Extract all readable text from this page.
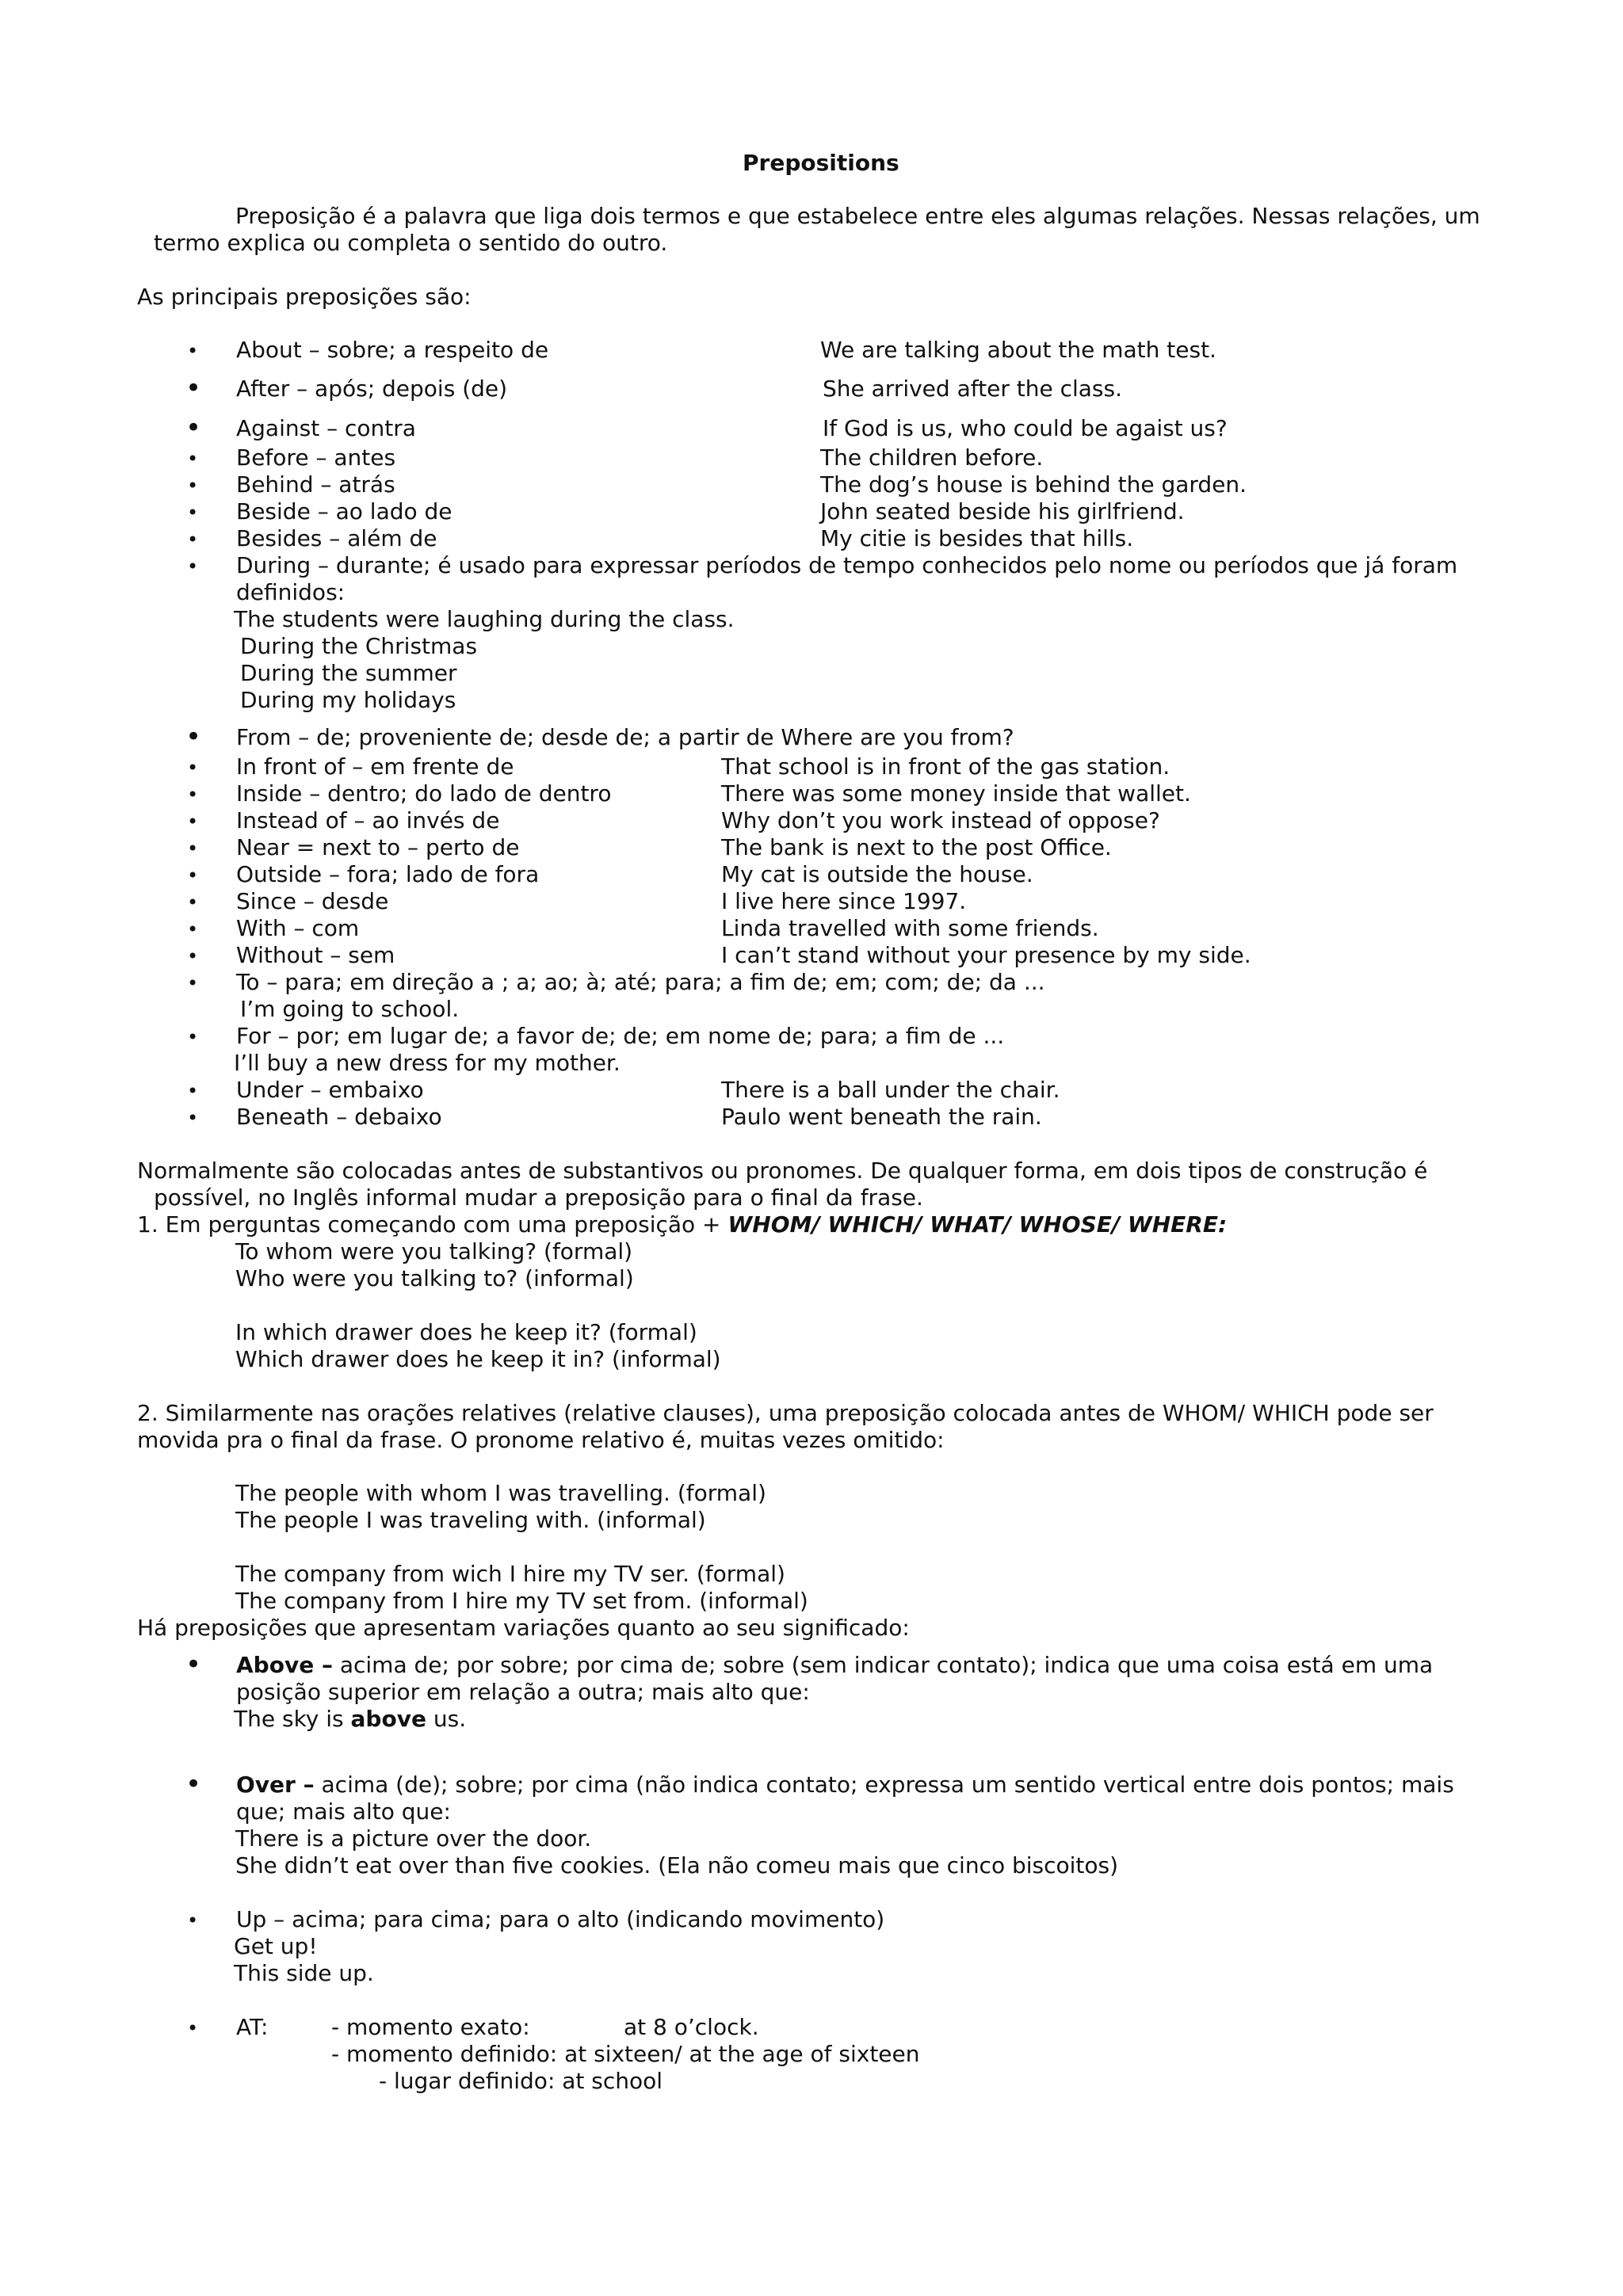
Prepositions
Preposição é a palavra que liga dois termos e que estabelece entre eles algumas relações. Nessas relações, um
termo explica ou completa o sentido do outro.
As principais preposições são:
• About – sobre; a respeito de	We are talking about the math test.
• After – após; depois (de)	She arrived after the class.
• Against – contra	If God is us, who could be agaist us?
• Before – antes	The children before.
• Behind – atrás	The dog’s house is behind the garden.
• Beside – ao lado de	John seated beside his girlfriend.
• Besides – além de	My citie is besides that hills.
• During – durante; é usado para expressar períodos de tempo conhecidos pelo nome ou períodos que já foram
definidos:
The students were laughing during the class.
During the Christmas
During the summer
During my holidays
• From – de; proveniente de; desde de; a partir de Where are you from?
• In front of – em frente de	That school is in front of the gas station.
• Inside – dentro; do lado de dentro	There was some money inside that wallet.
• Instead of – ao invés de	Why don’t you work instead of oppose?
• Near = next to – perto de	The bank is next to the post Office.
• Outside – fora; lado de fora	My cat is outside the house.
• Since – desde	I live here since 1997.
• With – com	Linda travelled with some friends.
• Without – sem	I can’t stand without your presence by my side.
• To – para; em direção a ; a; ao; à; até; para; a fim de; em; com; de; da ...
I’m going to school.
• For – por; em lugar de; a favor de; de; em nome de; para; a fim de ...
I’ll buy a new dress for my mother.
• Under – embaixo	There is a ball under the chair.
• Beneath – debaixo	Paulo went beneath the rain.
Normalmente são colocadas antes de substantivos ou pronomes. De qualquer forma, em dois tipos de construção é
possível, no Inglês informal mudar a preposição para o final da frase.
1. Em perguntas começando com uma preposição + WHOM/ WHICH/ WHAT/ WHOSE/ WHERE:
To whom were you talking? (formal)
Who were you talking to? (informal)
In which drawer does he keep it? (formal)
Which drawer does he keep it in? (informal)
2. Similarmente nas orações relatives (relative clauses), uma preposição colocada antes de WHOM/ WHICH pode ser
movida pra o final da frase. O pronome relativo é, muitas vezes omitido:
The people with whom I was travelling. (formal)
The people I was traveling with. (informal)
The company from wich I hire my TV ser. (formal)
The company from I hire my TV set from. (informal)
Há preposições que apresentam variações quanto ao seu significado:
• Above – acima de; por sobre; por cima de; sobre (sem indicar contato); indica que uma coisa está em uma
posição superior em relação a outra; mais alto que:
The sky is above us.
• Over – acima (de); sobre; por cima (não indica contato; expressa um sentido vertical entre dois pontos; mais
que; mais alto que:
There is a picture over the door.
She didn’t eat over than five cookies. (Ela não comeu mais que cinco biscoitos)
• Up – acima; para cima; para o alto (indicando movimento)
Get up!
This side up.
• AT:	- momento exato:	at 8 o’clock.
- momento definido: at sixteen/ at the age of sixteen
- lugar definido: at school
